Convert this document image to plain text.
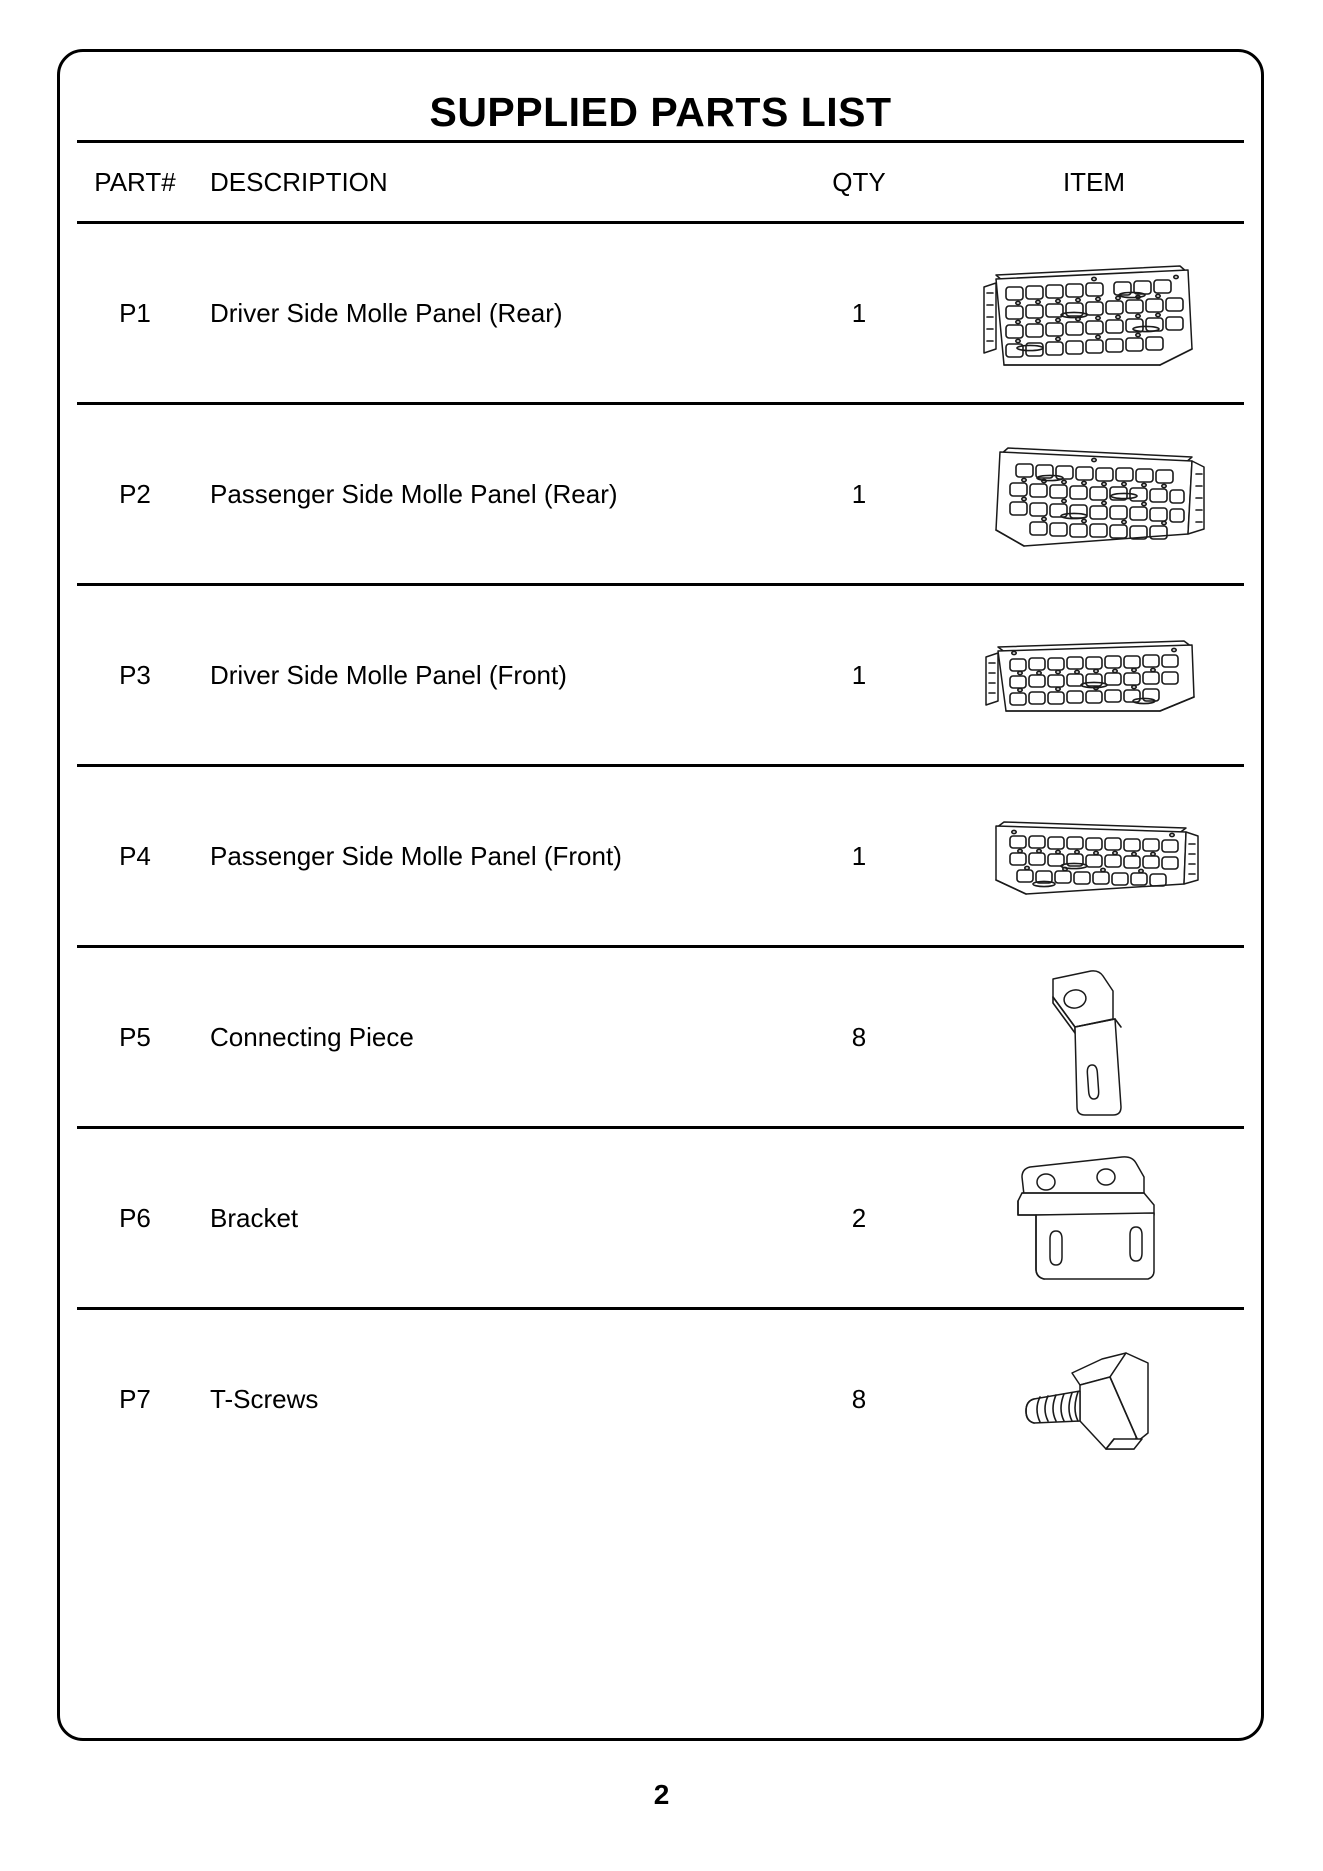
SUPPLIED PARTS LIST
PART#	DESCRIPTION	QTY	ITEM
P1	Driver Side Molle Panel (Rear)	1
P2	Passenger Side Molle Panel (Rear)	1
P3	Driver Side Molle Panel (Front)	1
P4	Passenger Side Molle Panel (Front)	1
P5	Connecting Piece	8
P6	Bracket	2
P7	T-Screws	8
2
